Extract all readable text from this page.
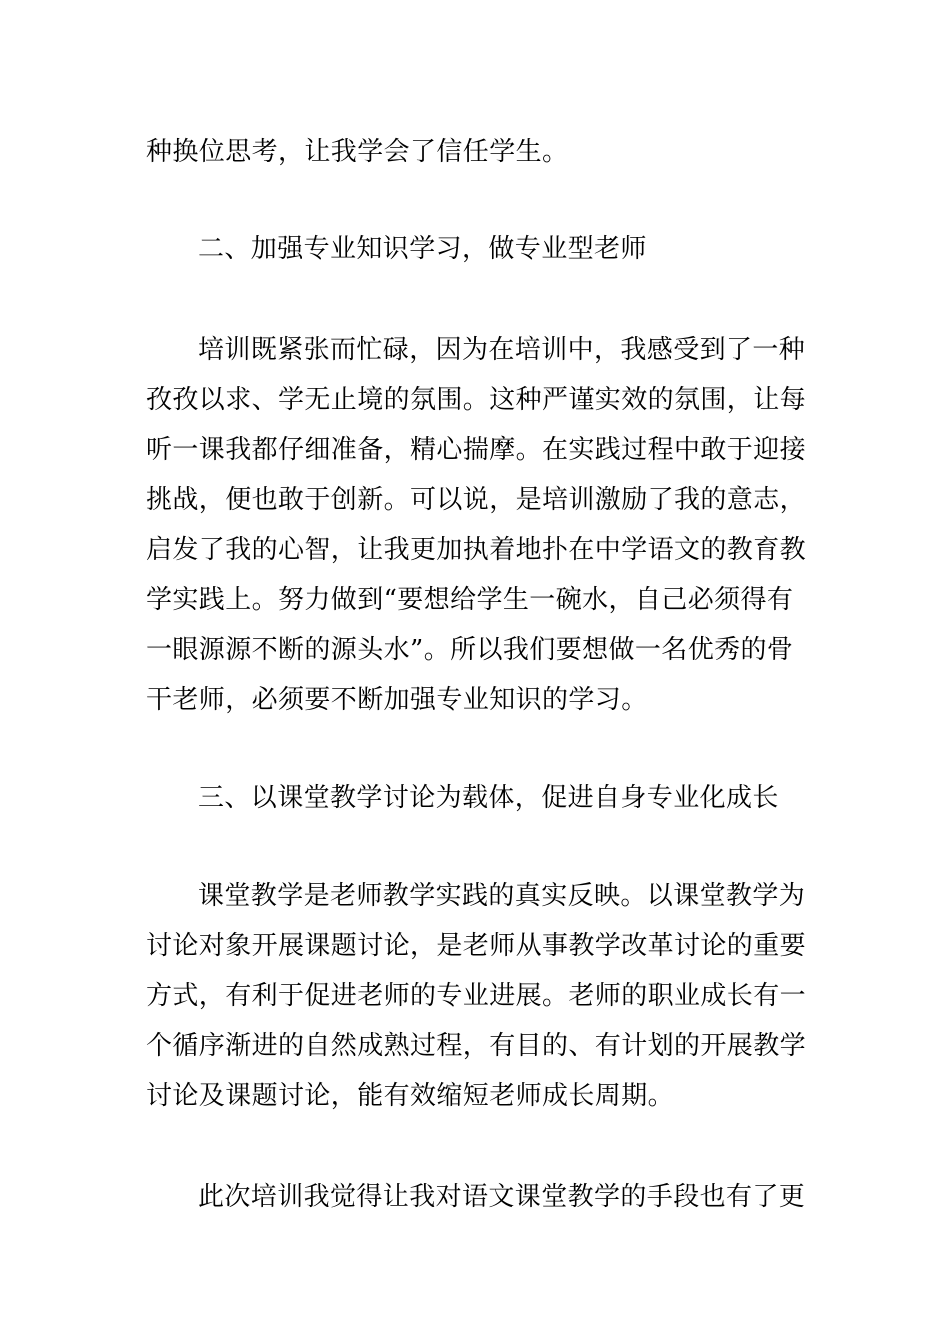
种换位思考，让我学会了信任学生。
二、加强专业知识学习，做专业型老师
培训既紧张而忙碌，因为在培训中，我感受到了一种
孜孜以求、学无止境的氛围。这种严谨实效的氛围，让每
听一课我都仔细准备，精心揣摩。在实践过程中敢于迎接
挑战，便也敢于创新。可以说，是培训激励了我的意志，
启发了我的心智，让我更加执着地扑在中学语文的教育教
学实践上。努力做到“要想给学生一碗水，自己必须得有
一眼源源不断的源头水”。所以我们要想做一名优秀的骨
干老师，必须要不断加强专业知识的学习。
三、以课堂教学讨论为载体，促进自身专业化成长
课堂教学是老师教学实践的真实反映。以课堂教学为
讨论对象开展课题讨论，是老师从事教学改革讨论的重要
方式，有利于促进老师的专业进展。老师的职业成长有一
个循序渐进的自然成熟过程，有目的、有计划的开展教学
讨论及课题讨论，能有效缩短老师成长周期。
此次培训我觉得让我对语文课堂教学的手段也有了更
